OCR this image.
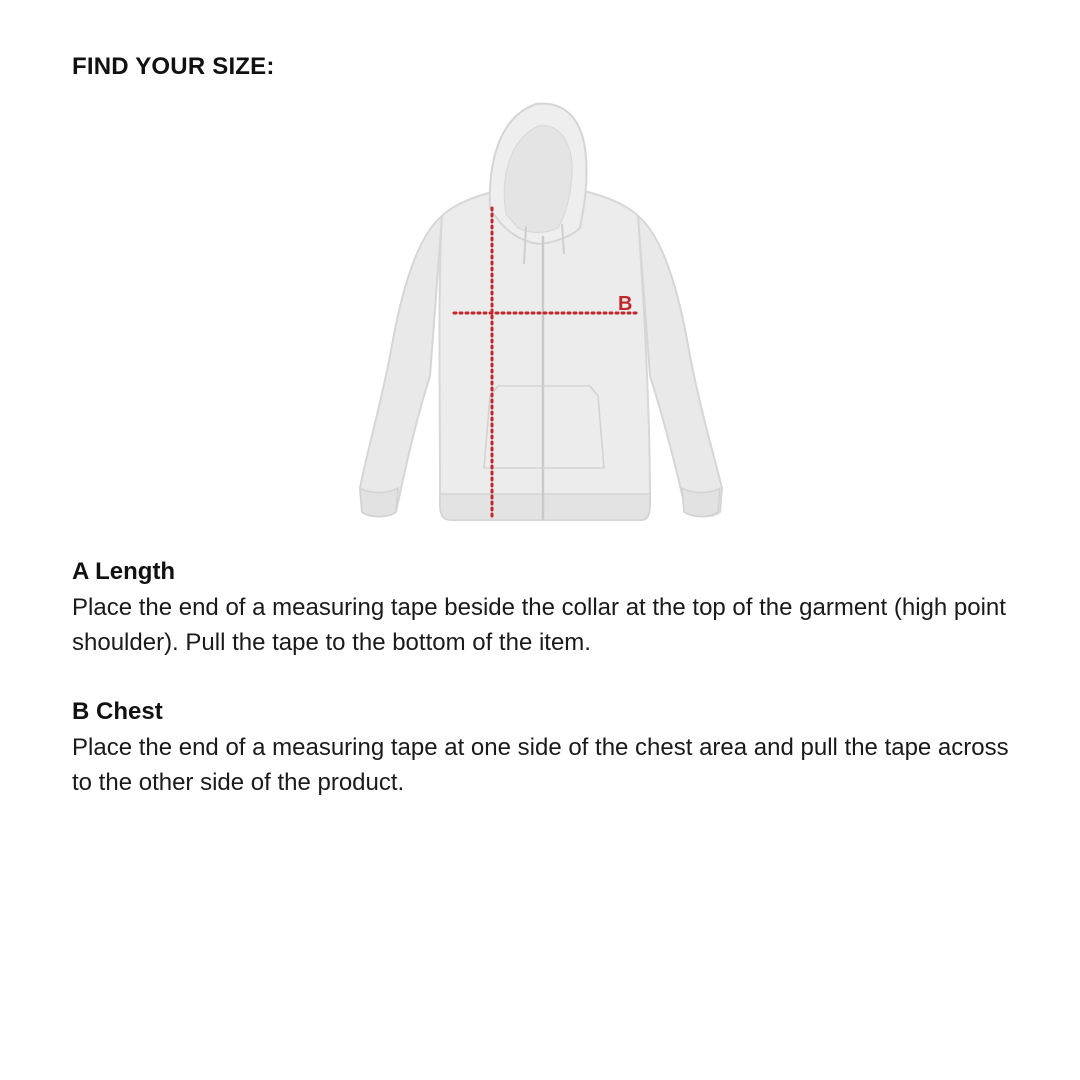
FIND YOUR SIZE:
B
A Length

Place the end of a measuring tape beside the collar at the top of the garment (high point shoulder). Pull the tape to the bottom of the item.

B Chest

Place the end of a measuring tape at one side of the chest area and pull the tape across to the other side of the product.
